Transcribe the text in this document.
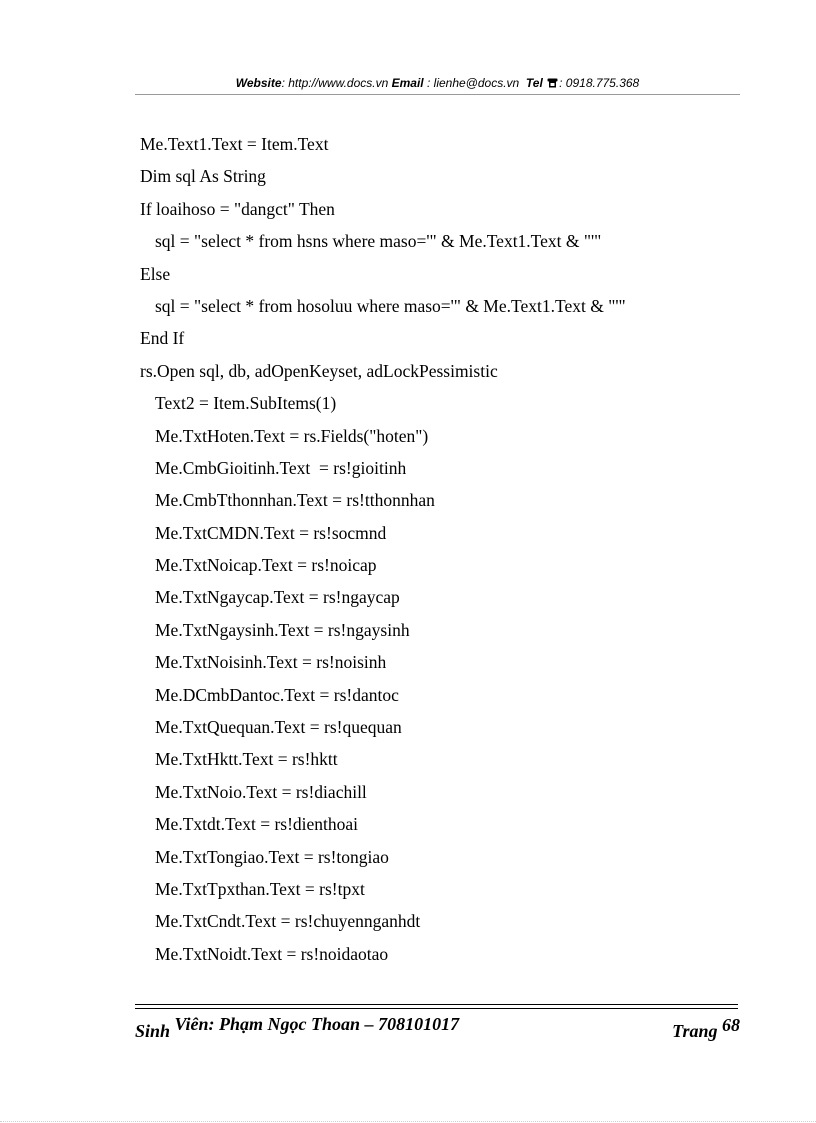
Website: http://www.docs.vn Email : lienhe@docs.vn Tel : 0918.775.368
Me.Text1.Text = Item.Text
Dim sql As String
If loaihoso = "dangct" Then
sql = "select * from hsns where maso='" & Me.Text1.Text & "'"
Else
sql = "select * from hosoluu where maso='" & Me.Text1.Text & "'"
End If
rs.Open sql, db, adOpenKeyset, adLockPessimistic
Text2 = Item.SubItems(1)
Me.TxtHoten.Text = rs.Fields("hoten")
Me.CmbGioitinh.Text  = rs!gioitinh
Me.CmbTthonnhan.Text = rs!tthonnhan
Me.TxtCMDN.Text = rs!socmnd
Me.TxtNoicap.Text = rs!noicap
Me.TxtNgaycap.Text = rs!ngaycap
Me.TxtNgaysinh.Text = rs!ngaysinh
Me.TxtNoisinh.Text = rs!noisinh
Me.DCmbDantoc.Text = rs!dantoc
Me.TxtQuequan.Text = rs!quequan
Me.TxtHktt.Text = rs!hktt
Me.TxtNoio.Text = rs!diachill
Me.Txtdt.Text = rs!dienthoai
Me.TxtTongiao.Text = rs!tongiao
Me.TxtTpxthan.Text = rs!tpxt
Me.TxtCndt.Text = rs!chuyennganhdt
Me.TxtNoidt.Text = rs!noidaotao
Sinh Viên: Phạm Ngọc Thoan – 708101017	Trang 68
